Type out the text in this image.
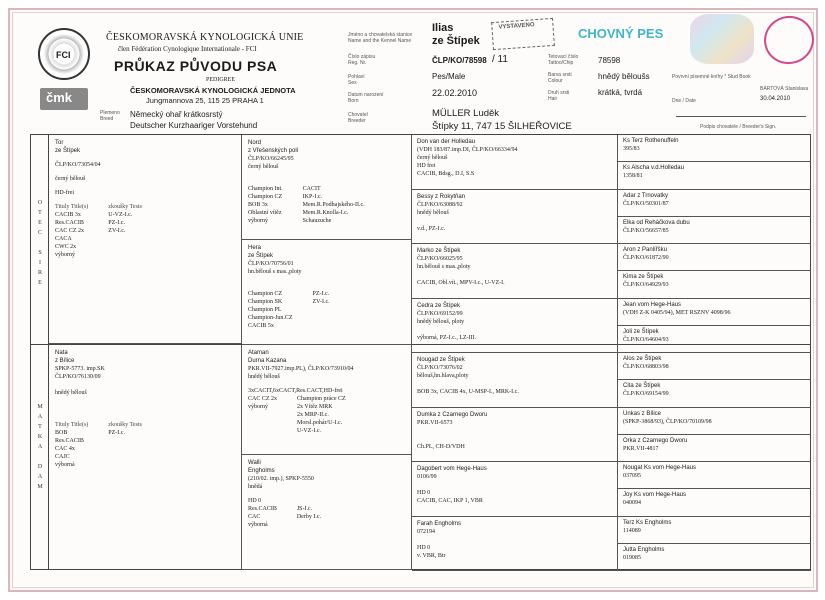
FCI
čmk
ČESKOMORAVSKÁ KYNOLOGICKÁ UNIE
člen Fédération Cynologique Internationale - FCI
PRŮKAZ PŮVODU PSA
PEDIGREE
ČESKOMORAVSKÁ KYNOLOGICKÁ JEDNOTA
Jungmannova 25, 115 25 PRAHA 1
Plemeno
Breed	Německý ohař krátkosrstý
Deutscher Kurzhaariger Vorstehund
Jméno a chovatelská stanice
Name and the Kennel Name
Číslo zápisu
Reg. Nr.
Pohlaví
Sex
Datum narození
Born
Chovatel
Breeder
Ilias
ze Štípek
ČLP/KO/78598 / 11
Pes/Male
22.02.2010
MÜLLER Luděk
Štípky 11, 747 15 ŠILHEŘOVICE
Tetovací číslo
Tattoo/Chip
Barva srsti
Colour
Druh srsti
Hair
78598
hnědý běloušs
krátká, tvrdá
VYSTAVENO	CHOVNÝ PES
Povrvní písemné kníhy * Stud Book
Dne / Date
BÁRTOVÁ Stanislava
30.04.2010
Podpis chovatele / Breeder's Sign.
O
T
E
C

S
I
R
E
M
A
T
K
A

D
A
M
Tor
ze Štípek
ČLP/KO/73054/04
černý bělouš
HD-frei
Tituly Title(s)
CACIB 3x
Res.CACIB
CAC CZ 2x
CACA
CWC 2x
výborný
zkoušky Tests
U-VZ-I.c.
PZ-I.c.
ZV-I.c.
Nata
z Bílice
SPKP-5773. imp.SK
ČLP/KO/76130/09
hnědý bělouš
Tituly Title(s)
BOB
Res.CACIB
CAC 4x
CAJC
výborná
zkoušky Tests
PZ-I.c.
Nord
z Vřešenských polí
ČLP/KO/66245/95
černý bělouš
Champion Int.
Champion CZ
BOB 3x
Oblastní vítěz
výborný
CACIT
IKP-I.c.
Mem.R.Podhajského-II.c.
Mem.R.Knolla-I.c.
Schauzuche
Hera
ze Štípek
ČLP/KO/70756/01
hn.bělouš s mas.,ploty
Champion CZ
Champion SK
Champion PL
Champion-Jun.CZ
CACIB 5x
PZ-I.c.
ZV-I.c.
Ataman
Durna Kazana
PKR.VII-7927.imp.PL), ČLP/KO/73910/04
hnědý bělouš
3xCACIT,6xCACT,Res.CACT,HD-frei
CAC CZ 2x
výborný
Champion práce CZ
2x Vítěz MRK
2x MRP-II.c.
Morsl.pohár/U-I.c.
U-VZ-I.c.
Walli
Engholms
(210/02. imp.), SPKP-5550
hnědá
HD 0
Res.CACIB
CAC
výborná
JS-I.c.
Derby I.c.
Don van der Holledau
(VDH 183/87.imp.DI, ČLP/KO/66334/94
černý bělouš
HD frei
CACIB, Bdsg., D.I, S.S
Bessy z Rokytňan
ČLP/KO/63088/92
hnědý bělouš

v.d., PZ-I.c.
Marko ze Štípek
ČLP/KO/66025/95
hn.bělouš s mas.,ploty

CACIB, Obl.vít., MPV-I.c., U-VZ-I.
Cedra ze Štípek
ČLP/KO/69152/99
hnědý bělouš, ploty

výborná, PZ-I.c., LZ-III.
Nougad ze Štípek
ČLP/KO/73076/02
bělouš,hn.hlava,ploty

BOB 3x, CACIB 4x, U-MSP-I., MRK-I.c.
Dumka z Czarnego Dworu
PKR.VII-6573

Ch.PL, CH-D/VDH
Dagobert vom Hege-Haus
0106/99

HD 0
CACIB, CAC, IKP 1, VBR
Farah Engholms
072194

HD 0
v. VBR, Btr
Ks Terz Rothenuffeln
395/83
Ks Alscha v.d.Holledau
1358/81
Adar z Trnovatky
ČLP/KO/50301/87
Elka od Reháčkova dubu
ČLP/KO/56657/85
Aron z Panlířšku
ČLP/KO/61872/90
Kima ze Štípek
ČLP/KO/64929/93
Jean vom Hege-Haus
(VDH Z-K 0405/94), MET RSZNV 4098/96
Joli ze Štípek
ČLP/KO/64604/93
Alos ze Štípek
ČLP/KO/68803/98
Cita ze Štípek
ČLP/KO/69154/99
Unkas z Bílice
(SPKP-3868/93), ČLP/KO/70109/98
Orka z Czarnego Dworu
PKR.VII-4817
Nougat Ks vom Hege-Haus
037095
Joy Ks vom Hege-Haus
040094
Terz Ks Engholms
114089
Jutta Engholms
019085
